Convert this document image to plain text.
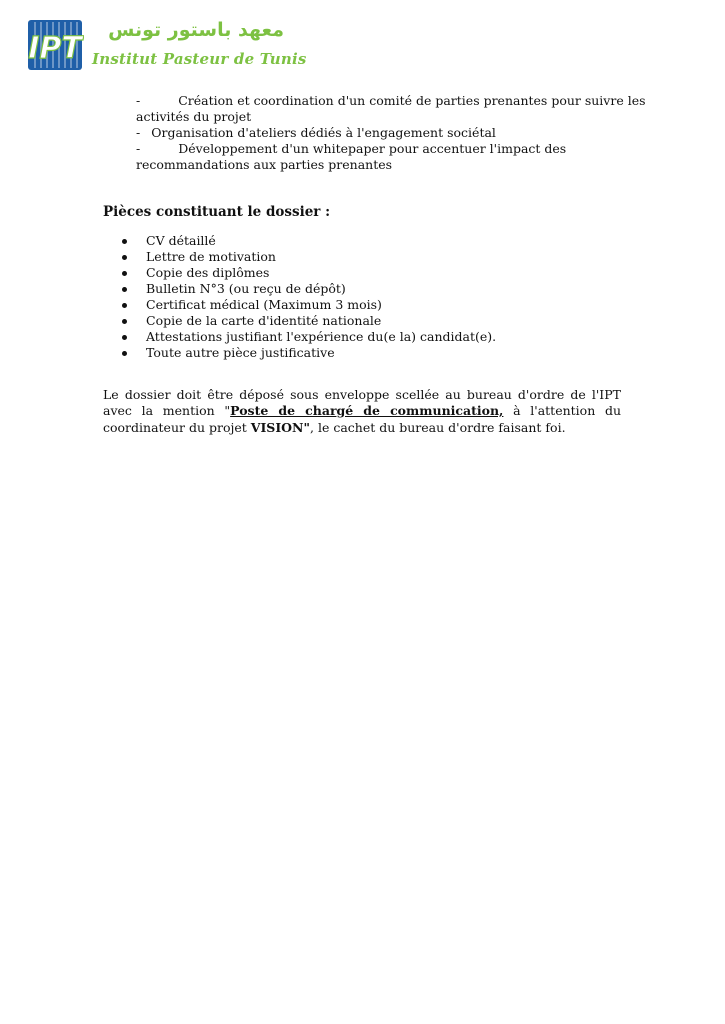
IPT
معهد باستور تونس
Institut Pasteur de Tunis
-	Création et coordination d'un comité de parties prenantes pour suivre les
activités du projet
- Organisation d'ateliers dédiés à l'engagement sociétal
-	Développement d'un whitepaper pour accentuer l'impact des
recommandations aux parties prenantes
Pièces constituant le dossier :
CV détaillé
Lettre de motivation
Copie des diplômes
Bulletin N°3 (ou reçu de dépôt)
Certificat médical (Maximum 3 mois)
Copie de la carte d'identité nationale
Attestations justifiant l'expérience du(e la) candidat(e).
Toute autre pièce justificative

Le dossier doit être déposé sous enveloppe scellée au bureau d'ordre de l'IPT avec la mention "Poste de chargé de communication, à l'attention du coordinateur du projet VISION", le cachet du bureau d'ordre faisant foi.
